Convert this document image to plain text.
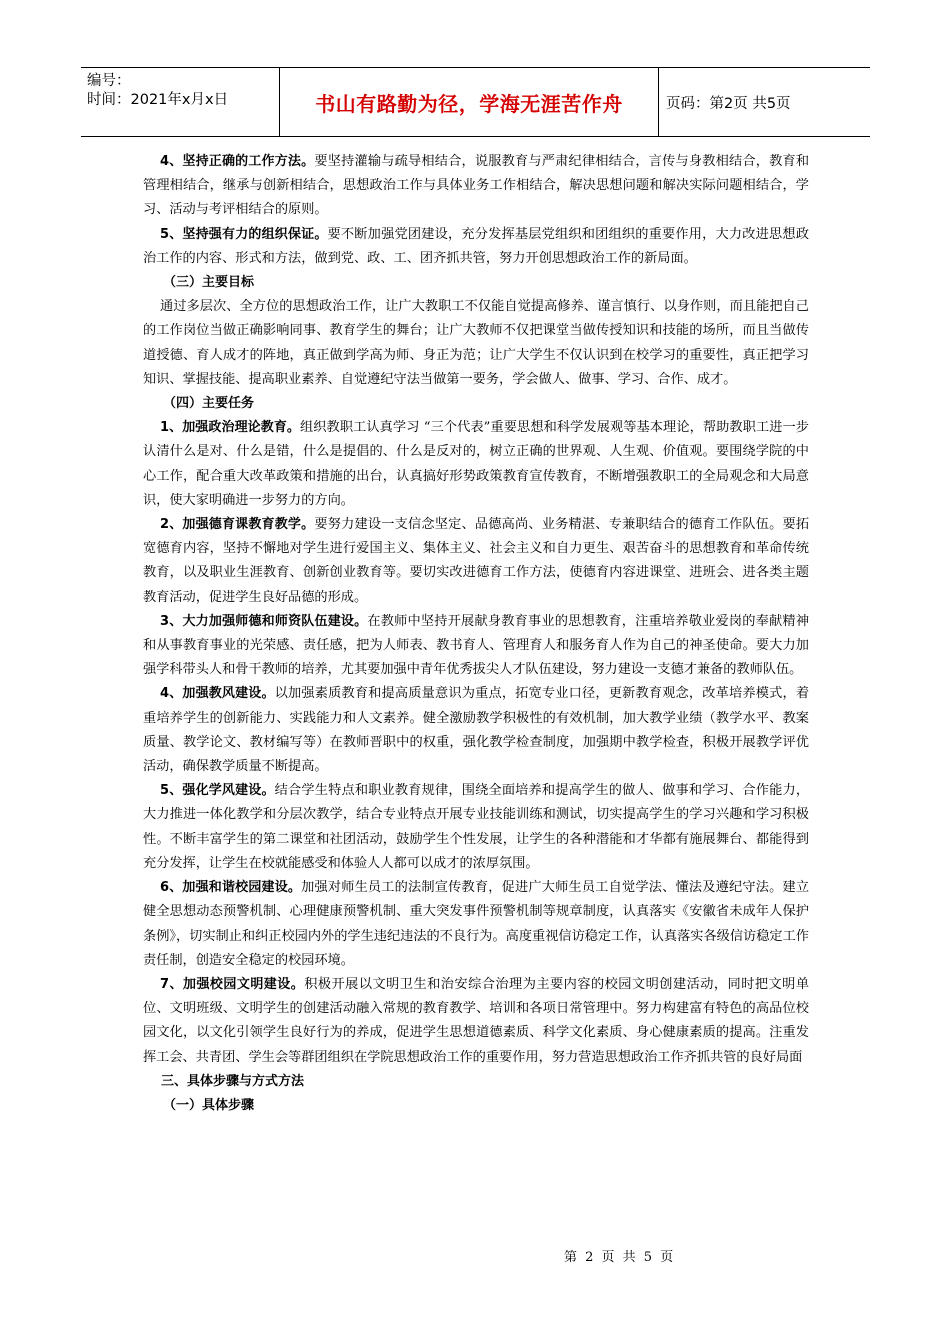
编号：
时间：2021年x月x日	书山有路勤为径，学海无涯苦作舟	页码：第2页 共5页

4、坚持正确的工作方法。要坚持灌输与疏导相结合，说服教育与严肃纪律相结合，言传与身教相结合，教育和管理相结合，继承与创新相结合，思想政治工作与具体业务工作相结合，解决思想问题和解决实际问题相结合，学习、活动与考评相结合的原则。

5、坚持强有力的组织保证。要不断加强党团建设，充分发挥基层党组织和团组织的重要作用，大力改进思想政治工作的内容、形式和方法，做到党、政、工、团齐抓共管，努力开创思想政治工作的新局面。

（三）主要目标

通过多层次、全方位的思想政治工作，让广大教职工不仅能自觉提高修养、谨言慎行、以身作则，而且能把自己的工作岗位当做正确影响同事、教育学生的舞台；让广大教师不仅把课堂当做传授知识和技能的场所，而且当做传道授德、育人成才的阵地，真正做到学高为师、身正为范；让广大学生不仅认识到在校学习的重要性，真正把学习知识、掌握技能、提高职业素养、自觉遵纪守法当做第一要务，学会做人、做事、学习、合作、成才。

（四）主要任务

1、加强政治理论教育。组织教职工认真学习 “三个代表”重要思想和科学发展观等基本理论，帮助教职工进一步认清什么是对、什么是错，什么是提倡的、什么是反对的，树立正确的世界观、人生观、价值观。要围绕学院的中心工作，配合重大改革政策和措施的出台，认真搞好形势政策教育宣传教育，不断增强教职工的全局观念和大局意识，使大家明确进一步努力的方向。

2、加强德育课教育教学。要努力建设一支信念坚定、品德高尚、业务精湛、专兼职结合的德育工作队伍。要拓宽德育内容，坚持不懈地对学生进行爱国主义、集体主义、社会主义和自力更生、艰苦奋斗的思想教育和革命传统教育，以及职业生涯教育、创新创业教育等。要切实改进德育工作方法，使德育内容进课堂、进班会、进各类主题教育活动，促进学生良好品德的形成。

3、大力加强师德和师资队伍建设。在教师中坚持开展献身教育事业的思想教育，注重培养敬业爱岗的奉献精神和从事教育事业的光荣感、责任感，把为人师表、教书育人、管理育人和服务育人作为自己的神圣使命。要大力加强学科带头人和骨干教师的培养，尤其要加强中青年优秀拔尖人才队伍建设，努力建设一支德才兼备的教师队伍。

4、加强教风建设。以加强素质教育和提高质量意识为重点，拓宽专业口径，更新教育观念，改革培养模式，着重培养学生的创新能力、实践能力和人文素养。健全激励教学积极性的有效机制，加大教学业绩（教学水平、教案质量、教学论文、教材编写等）在教师晋职中的权重，强化教学检查制度，加强期中教学检查，积极开展教学评优活动，确保教学质量不断提高。

5、强化学风建设。结合学生特点和职业教育规律，围绕全面培养和提高学生的做人、做事和学习、合作能力，大力推进一体化教学和分层次教学，结合专业特点开展专业技能训练和测试，切实提高学生的学习兴趣和学习积极性。不断丰富学生的第二课堂和社团活动，鼓励学生个性发展，让学生的各种潜能和才华都有施展舞台、都能得到充分发挥，让学生在校就能感受和体验人人都可以成才的浓厚氛围。

6、加强和谐校园建设。加强对师生员工的法制宣传教育，促进广大师生员工自觉学法、懂法及遵纪守法。建立健全思想动态预警机制、心理健康预警机制、重大突发事件预警机制等规章制度，认真落实《安徽省未成年人保护条例》，切实制止和纠正校园内外的学生违纪违法的不良行为。高度重视信访稳定工作，认真落实各级信访稳定工作责任制，创造安全稳定的校园环境。

7、加强校园文明建设。积极开展以文明卫生和治安综合治理为主要内容的校园文明创建活动，同时把文明单位、文明班级、文明学生的创建活动融入常规的教育教学、培训和各项日常管理中。努力构建富有特色的高品位校园文化，以文化引领学生良好行为的养成，促进学生思想道德素质、科学文化素质、身心健康素质的提高。注重发挥工会、共青团、学生会等群团组织在学院思想政治工作的重要作用，努力营造思想政治工作齐抓共管的良好局面

三、具体步骤与方式方法

（一）具体步骤

第 2 页 共 5 页
